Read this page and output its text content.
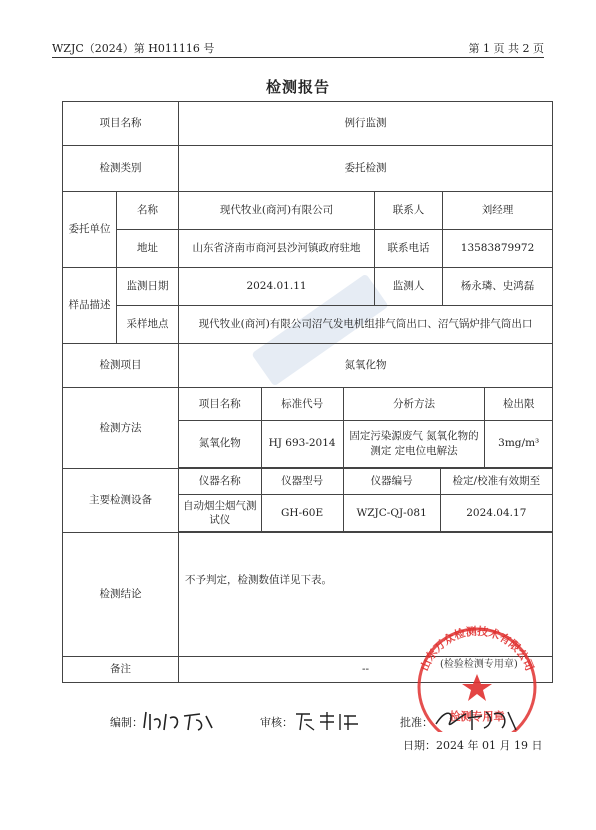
WZJC（2024）第 H011116 号	第 1 页 共 2 页
检测报告
项目名称	例行监测
检测类别	委托检测
委托单位	名称	现代牧业(商河)有限公司	联系人	刘经理
地址	山东省济南市商河县沙河镇政府驻地	联系电话	13583879972
样品描述	监测日期	2024.01.11	监测人	杨永璘、史鸿磊
采样地点	现代牧业(商河)有限公司沼气发电机组排气筒出口、沼气锅炉排气筒出口
检测项目	氮氧化物
检测方法	
项目名称	标准代号	分析方法	检出限
氮氧化物	HJ 693-2014	固定污染源废气 氮氧化物的测定 定电位电解法	3mg/m³

主要检测设备	
仪器名称	仪器型号	仪器编号	检定/校准有效期至
自动烟尘烟气测试仪	GH-60E	WZJC-QJ-081	2024.04.17

检测结论	
不予判定，检测数值详见下表。

备注	--	(检验检测专用章)
山东万众检测技术有限公司
检测专用章
编制：	审核：	批准：
日期：2024 年 01 月 19 日
